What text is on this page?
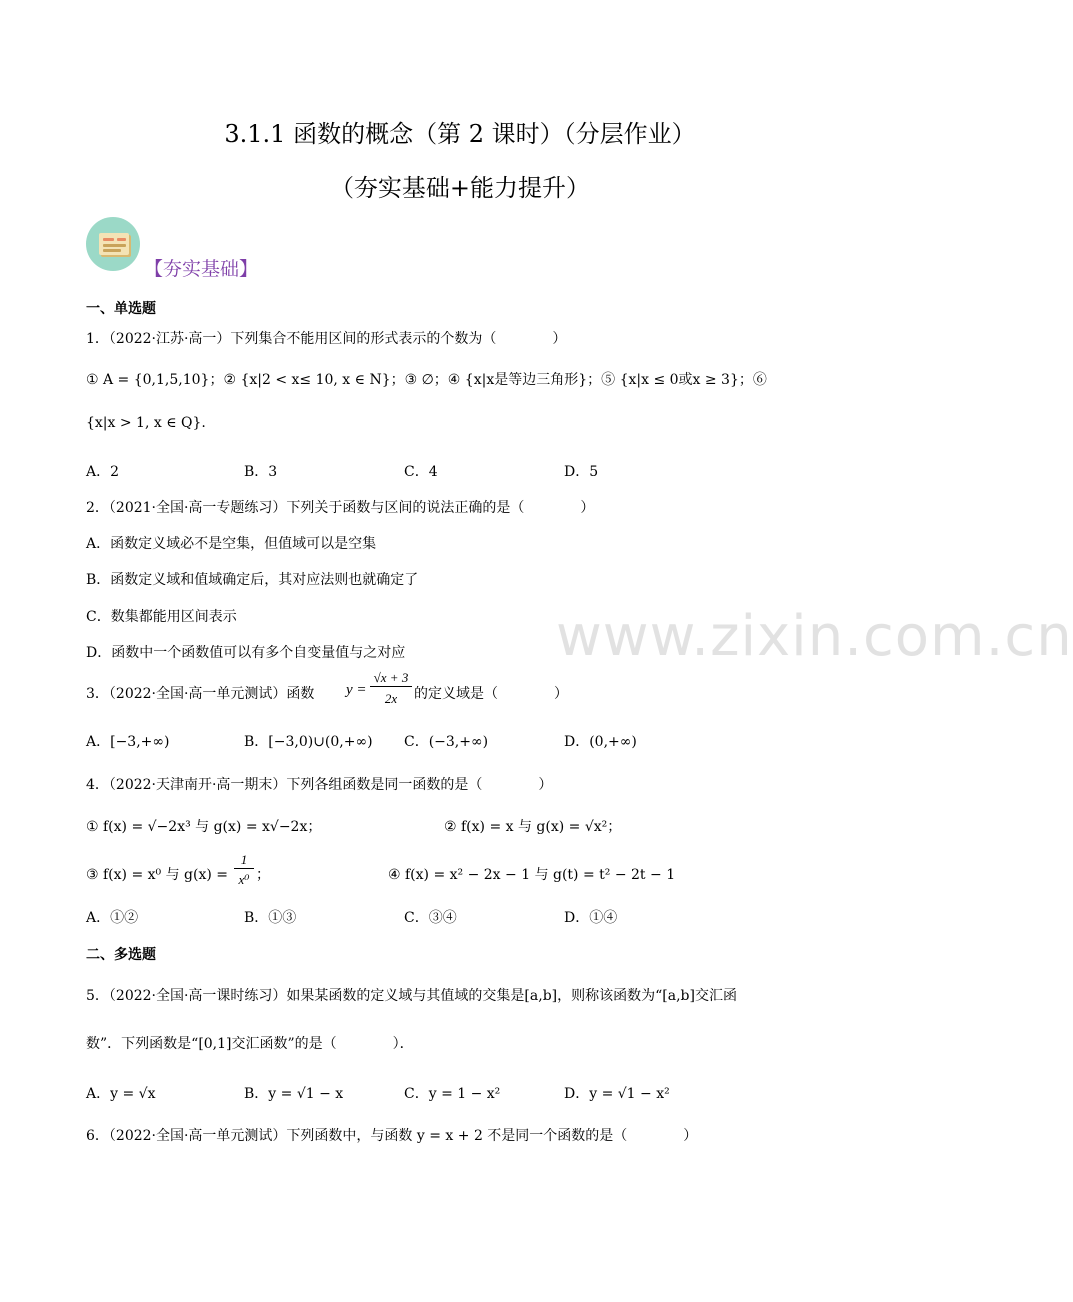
www.zixin.com.cn
3.1.1 函数的概念（第 2 课时）（分层作业）
（夯实基础+能力提升）
【夯实基础】
一、单选题
1．（2022·江苏·高一）下列集合不能用区间的形式表示的个数为（　　　　）
① A = {0,1,5,10}；② {x|2 < x≤ 10, x ∈ N}；③ ∅；④ {x|x是等边三角形}；⑤ {x|x ≤ 0或x ≥ 3}；⑥
{x|x > 1, x ∈ Q}.
A．2	B．3	C．4	D．5
2．（2021·全国·高一专题练习）下列关于函数与区间的说法正确的是（　　　　）
A．函数定义域必不是空集，但值域可以是空集
B．函数定义域和值域确定后，其对应法则也就确定了
C．数集都能用区间表示
D．函数中一个函数值可以有多个自变量值与之对应
3．（2022·全国·高一单元测试）函数 y =
√x + 3
2x	的定义域是（　　　　）
A．[−3,+∞)	B．[−3,0)∪(0,+∞) C．(−3,+∞)	D．(0,+∞)
4．（2022·天津南开·高一期末）下列各组函数是同一函数的是（　　　　）
① f(x) = √−2x³ 与 g(x) = x√−2x；	② f(x) = x 与 g(x) = √x²；
③ f(x) = x⁰ 与 g(x) =
1
x⁰ ；	④ f(x) = x² − 2x − 1 与 g(t) = t² − 2t − 1
A．①②	B．①③	C．③④	D．①④
二、多选题
5．（2022·全国·高一课时练习）如果某函数的定义域与其值域的交集是[a,b]，则称该函数为“[a,b]交汇函
数”．下列函数是“[0,1]交汇函数”的是（　　　　）．
A．y = √x	B．y = √1 − x	C．y = 1 − x²	D．y = √1 − x²
6．（2022·全国·高一单元测试）下列函数中，与函数 y = x + 2 不是同一个函数的是（　　　　）
